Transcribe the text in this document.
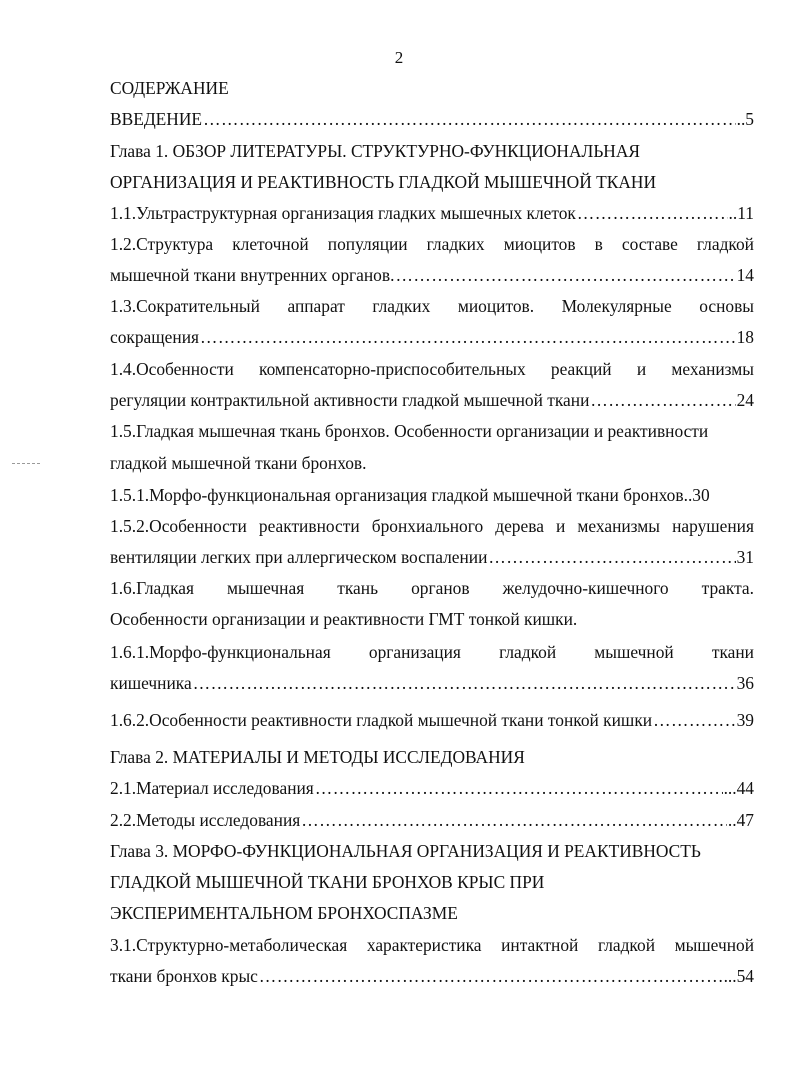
2
СОДЕРЖАНИЕ
ВВЕДЕНИЕ ………………………………………………………………………………………………………………………………………………………………………	..5
Глава 1. ОБЗОР ЛИТЕРАТУРЫ. СТРУКТУРНО-ФУНКЦИОНАЛЬНАЯ
ОРГАНИЗАЦИЯ И РЕАКТИВНОСТЬ ГЛАДКОЙ МЫШЕЧНОЙ ТКАНИ
1.1.Ультраструктурная организация гладких мышечных клеток ………………………………………………………………………………………………………………………………………………………………………	..11
1.2.Структура клеточной популяции гладких миоцитов в составе гладкой
мышечной ткани внутренних органов. ………………………………………………………………………………………………………………………………………………………………………	14
1.3.Сократительный аппарат гладких миоцитов. Молекулярные основы
сокращения ………………………………………………………………………………………………………………………………………………………………………	18
1.4.Особенности компенсаторно-приспособительных реакций и механизмы
регуляции контрактильной активности гладкой мышечной ткани ………………………………………………………………………………………………………………………………………………………………………	24
1.5.Гладкая мышечная ткань бронхов. Особенности организации и реактивности
гладкой мышечной ткани бронхов.
1.5.1.Морфо-функциональная организация гладкой мышечной ткани бронхов ..30
1.5.2.Особенности реактивности бронхиального дерева и механизмы нарушения
вентиляции легких при аллергическом воспалении ………………………………………………………………………………………………………………………………………………………………………	31
1.6.Гладкая мышечная ткань органов желудочно-кишечного тракта.
Особенности организации и реактивности ГМТ тонкой кишки.
1.6.1.Морфо-функциональная организация гладкой мышечной ткани
кишечника ………………………………………………………………………………………………………………………………………………………………………	36
1.6.2.Особенности реактивности гладкой мышечной ткани тонкой кишки ………………………………………………………………………………………………………………………………………………………………………	39
Глава 2. МАТЕРИАЛЫ И МЕТОДЫ ИССЛЕДОВАНИЯ
2.1.Материал исследования ………………………………………………………………………………………………………………………………………………………………………	...44
2.2.Методы исследования ………………………………………………………………………………………………………………………………………………………………………	..47
Глава 3. МОРФО-ФУНКЦИОНАЛЬНАЯ ОРГАНИЗАЦИЯ И РЕАКТИВНОСТЬ
ГЛАДКОЙ МЫШЕЧНОЙ ТКАНИ БРОНХОВ КРЫС ПРИ
ЭКСПЕРИМЕНТАЛЬНОМ БРОНХОСПАЗМЕ
3.1.Структурно-метаболическая характеристика интактной гладкой мышечной
ткани бронхов крыс ………………………………………………………………………………………………………………………………………………………………………	...54
